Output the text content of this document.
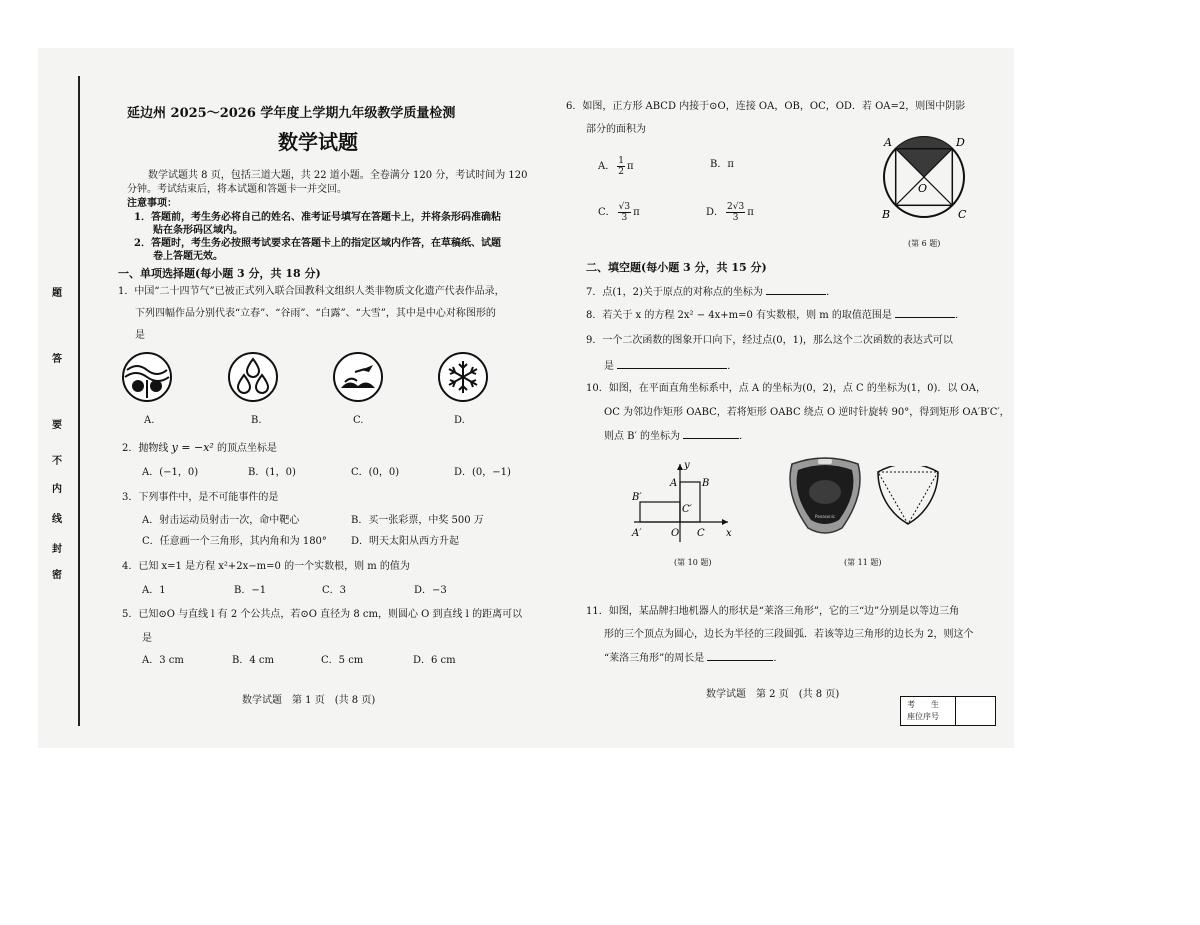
题
答
要
不
内
线
封
密
延边州 2025～2026 学年度上学期九年级教学质量检测
数学试题
数学试题共 8 页，包括三道大题，共 22 道小题。全卷满分 120 分，考试时间为 120
分钟。考试结束后，将本试题和答题卡一并交回。
注意事项：
1．答题前，考生务必将自己的姓名、准考证号填写在答题卡上，并将条形码准确粘
贴在条形码区域内。
2．答题时，考生务必按照考试要求在答题卡上的指定区域内作答，在草稿纸、试题
卷上答题无效。
一、单项选择题(每小题 3 分，共 18 分)
1．中国“二十四节气”已被正式列入联合国教科文组织人类非物质文化遗产代表作品录，
下列四幅作品分别代表“立春”、“谷雨”、“白露”、“大雪”，其中是中心对称图形的
是
A.	B.	C.	D.
2．抛物线 y = −x² 的顶点坐标是
A．(−1，0)	B．(1，0)	C．(0，0)	D．(0，−1)
3．下列事件中，是不可能事件的是
A．射击运动员射击一次，命中靶心	B．买一张彩票，中奖 500 万
C．任意画一个三角形，其内角和为 180° D．明天太阳从西方升起
4．已知 x=1 是方程 x²+2x−m=0 的一个实数根，则 m 的值为
A．1	B．−1	C．3	D．−3
5．已知⊙O 与直线 l 有 2 个公共点，若⊙O 直径为 8 cm，则圆心 O 到直线 l 的距离可以
是
A．3 cm	B．4 cm	C．5 cm	D．6 cm
数学试题　第 1 页　(共 8 页)
6．如图，正方形 ABCD 内接于⊙O，连接 OA，OB，OC，OD．若 OA=2，则图中阴影
部分的面积为
A． $\frac{1}{2}$ π	B．π
C． $\frac{√3}{3}$ π	D． $\frac{2√3}{3}$ π
A	D
B	C
O
(第 6 题)
二、填空题(每小题 3 分，共 15 分)
7．点(1，2)关于原点的对称点的坐标为	．
8．若关于 x 的方程 2x² − 4x+m=0 有实数根，则 m 的取值范围是	．
9．一个二次函数的图象开口向下，经过点(0，1)，那么这个二次函数的表达式可以
是	．
10．如图，在平面直角坐标系中，点 A 的坐标为(0，2)，点 C 的坐标为(1，0)．以 OA，
OC 为邻边作矩形 OABC，若将矩形 OABC 绕点 O 逆时针旋转 90°，得到矩形 OA′B′C′，
则点 B′ 的坐标为	．
y
x
A B
B′
C′
A′	O C
(第 10 题)
Panasonic
(第 11 题)
11．如图，某品牌扫地机器人的形状是“莱洛三角形”，它的三“边”分别是以等边三角
形的三个顶点为圆心，边长为半径的三段圆弧．若该等边三角形的边长为 2，则这个
“莱洛三角形”的周长是	．
数学试题　第 2 页　(共 8 页)
考　　生
座位序号
